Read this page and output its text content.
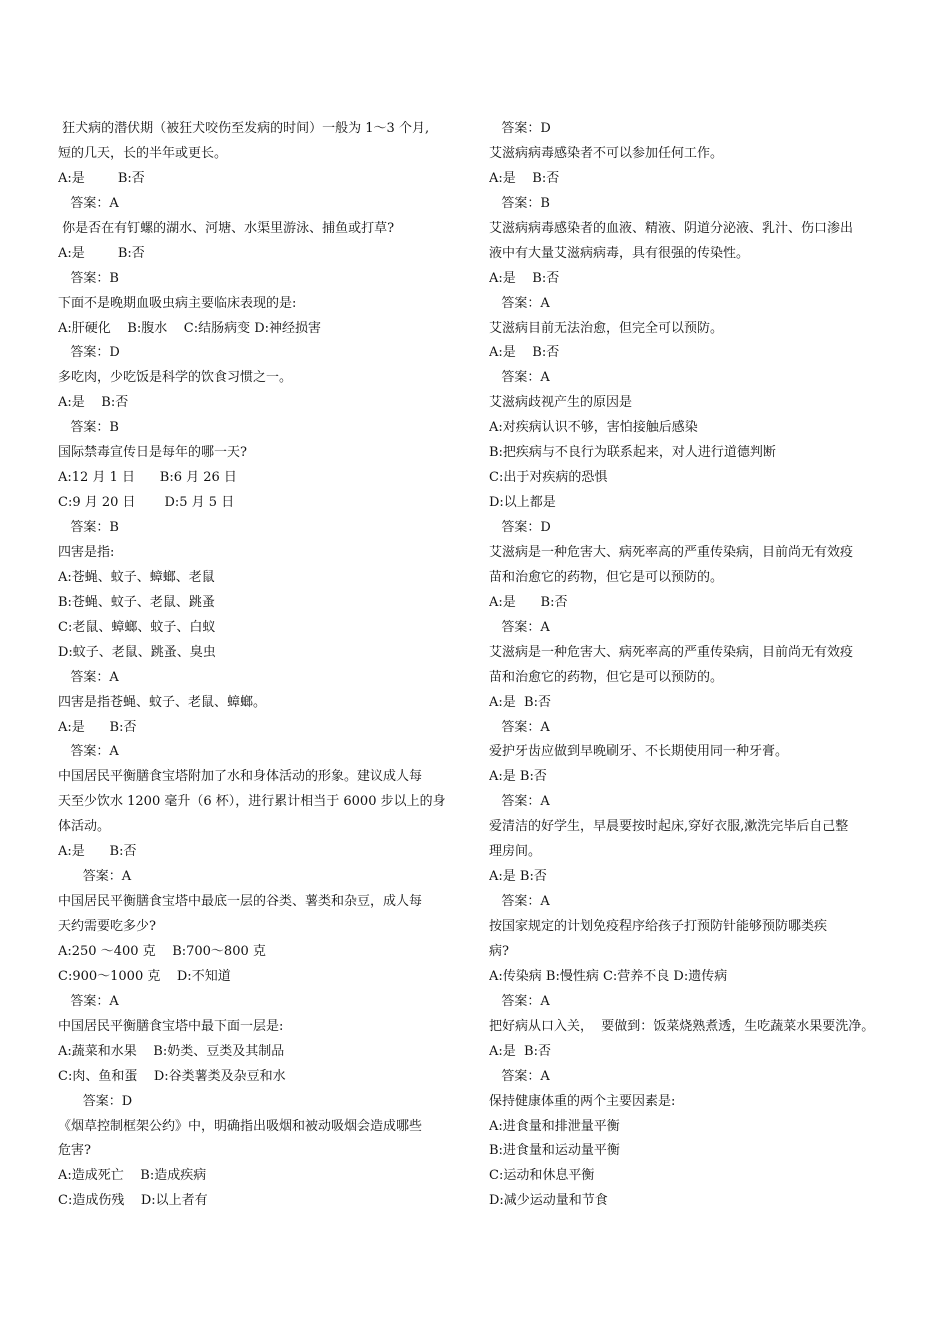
狂犬病的潜伏期（被狂犬咬伤至发病的时间）一般为 1～3 个月,
短的几天，长的半年或更长。
A:是        B:否
答案：A
你是否在有钉螺的湖水、河塘、水渠里游泳、捕鱼或打草?
A:是        B:否
答案：B
下面不是晚期血吸虫病主要临床表现的是:
A:肝硬化    B:腹水    C:结肠病变 D:神经损害
答案：D
多吃肉，少吃饭是科学的饮食习惯之一。
A:是    B:否
答案：B
国际禁毒宣传日是每年的哪一天?
A:12 月 1 日      B:6 月 26 日
C:9 月 20 日       D:5 月 5 日
答案：B
四害是指:
A:苍蝇、蚊子、蟑螂、老鼠
B:苍蝇、蚊子、老鼠、跳蚤
C:老鼠、蟑螂、蚊子、白蚁
D:蚊子、老鼠、跳蚤、臭虫
答案：A
四害是指苍蝇、蚊子、老鼠、蟑螂。
A:是      B:否
答案：A
中国居民平衡膳食宝塔附加了水和身体活动的形象。建议成人每
天至少饮水 1200 毫升（6 杯），进行累计相当于 6000 步以上的身
体活动。
A:是      B:否
答案：A
中国居民平衡膳食宝塔中最底一层的谷类、薯类和杂豆，成人每
天约需要吃多少?
A:250 ～400 克    B:700～800 克
C:900～1000 克    D:不知道
答案：A
中国居民平衡膳食宝塔中最下面一层是:
A:蔬菜和水果    B:奶类、豆类及其制品
C:肉、鱼和蛋    D:谷类薯类及杂豆和水
答案：D
《烟草控制框架公约》中，明确指出吸烟和被动吸烟会造成哪些
危害?
A:造成死亡    B:造成疾病
C:造成伤残    D:以上者有
答案：D
艾滋病病毒感染者不可以参加任何工作。
A:是    B:否
答案：B
艾滋病病毒感染者的血液、精液、阴道分泌液、乳汁、伤口渗出
液中有大量艾滋病病毒，具有很强的传染性。
A:是    B:否
答案：A
艾滋病目前无法治愈，但完全可以预防。
A:是    B:否
答案：A
艾滋病歧视产生的原因是
A:对疾病认识不够，害怕接触后感染
B:把疾病与不良行为联系起来，对人进行道德判断
C:出于对疾病的恐惧
D:以上都是
答案：D
艾滋病是一种危害大、病死率高的严重传染病，目前尚无有效疫
苗和治愈它的药物，但它是可以预防的。
A:是      B:否
答案：A
艾滋病是一种危害大、病死率高的严重传染病，目前尚无有效疫
苗和治愈它的药物，但它是可以预防的。
A:是  B:否
答案：A
爱护牙齿应做到早晚刷牙、不长期使用同一种牙膏。
A:是 B:否
答案：A
爱清洁的好学生，早晨要按时起床,穿好衣服,漱洗完毕后自己整
理房间。
A:是 B:否
答案：A
按国家规定的计划免疫程序给孩子打预防针能够预防哪类疾
病?
A:传染病 B:慢性病 C:营养不良 D:遗传病
答案：A
把好病从口入关，  要做到：饭菜烧熟煮透，生吃蔬菜水果要洗净。
A:是  B:否
答案：A
保持健康体重的两个主要因素是:
A:进食量和排泄量平衡
B:进食量和运动量平衡
C:运动和休息平衡
D:减少运动量和节食
